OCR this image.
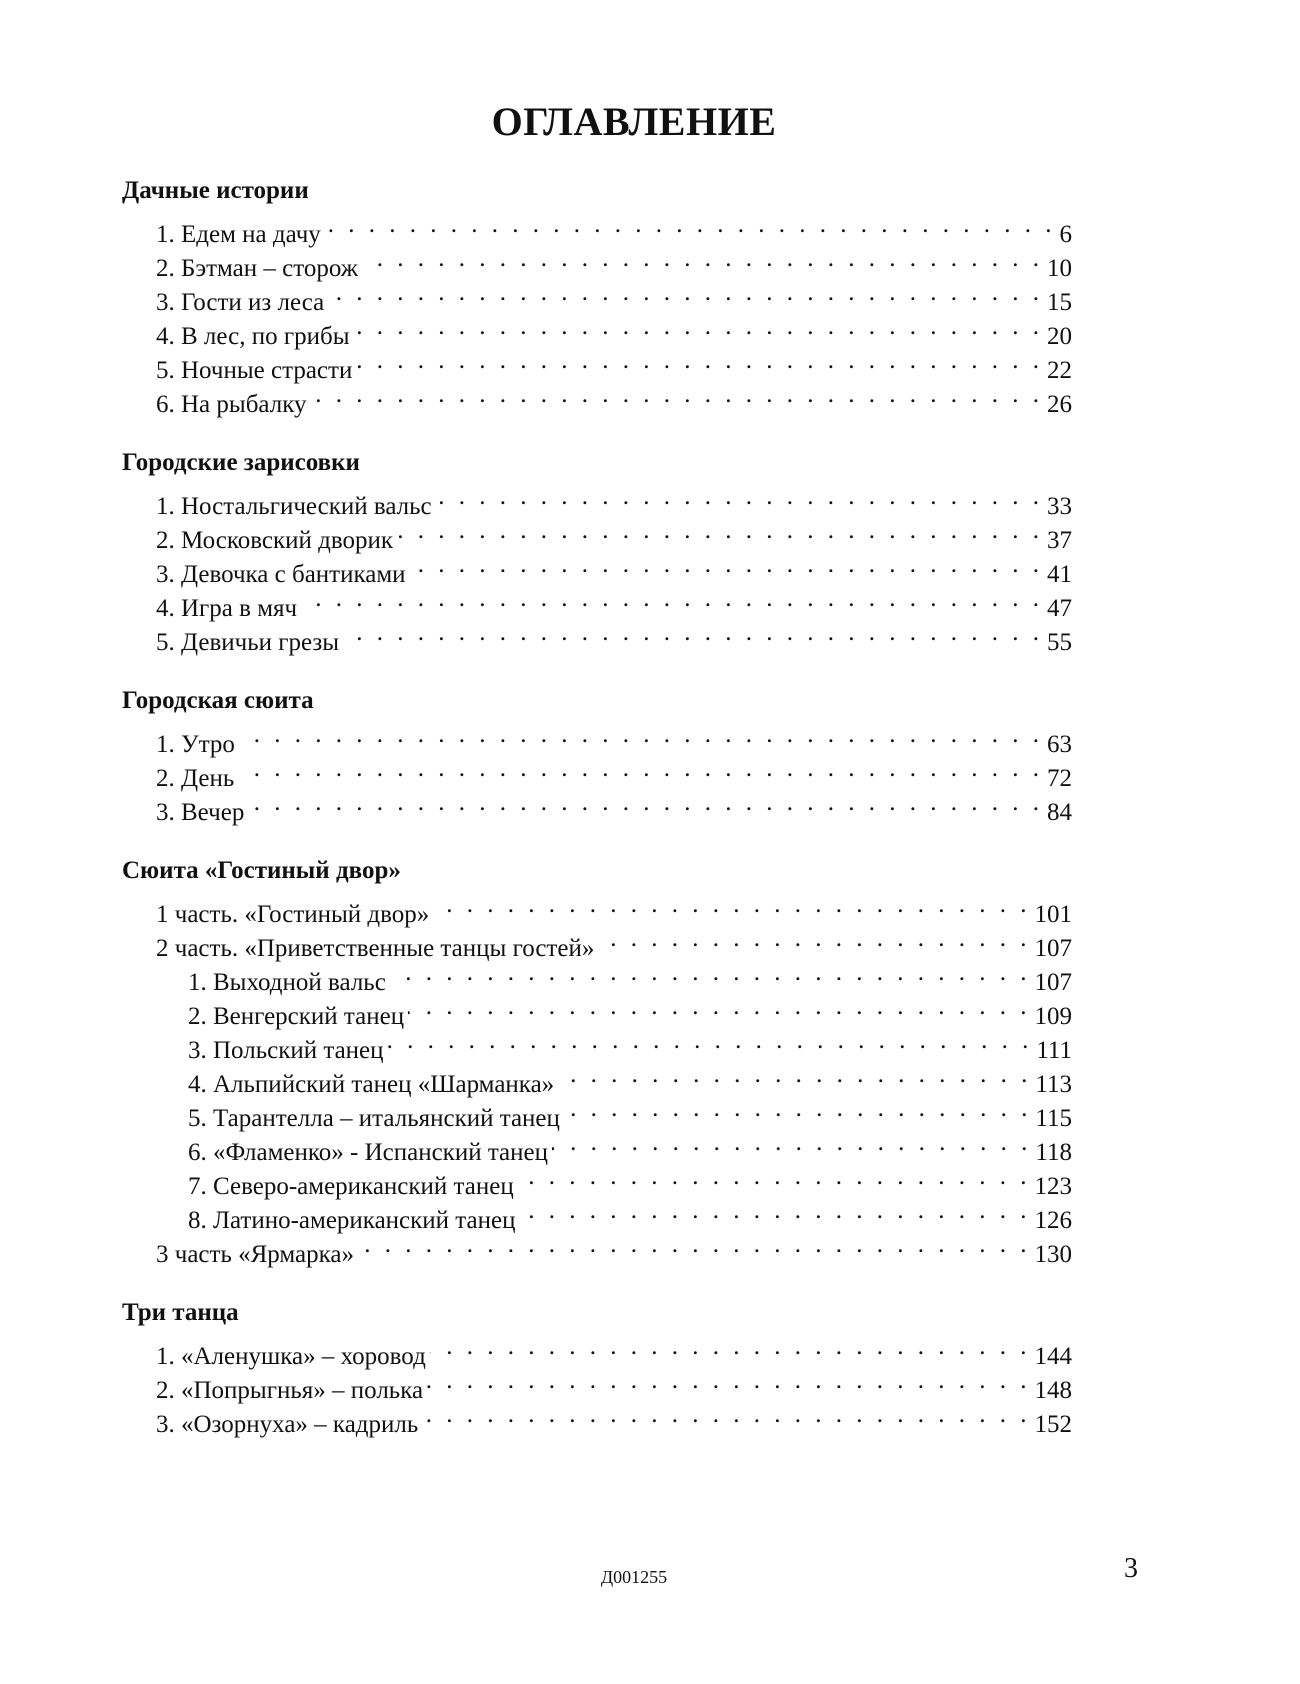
ОГЛАВЛЕНИЕ
Дачные истории
1. Едем на дачу . . .	6
2. Бэтман – сторож . . .	10
3. Гости из леса . . .	15
4. В лес, по грибы . . .	20
5. Ночные страсти . . .	22
6. На рыбалку . . .	26
Городские зарисовки
1. Ностальгический вальс . . .	33
2. Московский дворик . . .	37
3. Девочка с бантиками . . .	41
4. Игра в мяч . . .	47
5. Девичьи грезы . . .	55
Городская сюита
1. Утро . . .	63
2. День . . .	72
3. Вечер . . .	84
Сюита «Гостиный двор»
1 часть. «Гостиный двор» . . .	101
2 часть. «Приветственные танцы гостей» . . .	107
1. Выходной вальс . . .	107
2. Венгерский танец . . .	109
3. Польский танец . . .	111
4. Альпийский танец «Шарманка» . . .	113
5. Тарантелла – итальянский танец . . .	115
6. «Фламенко» - Испанский танец . . .	118
7. Северо-американский танец . . .	123
8. Латино-американский танец . . .	126
3 часть «Ярмарка» . . .	130
Три танца
1. «Аленушка» – хоровод . . .	144
2. «Попрыгнья» – полька . . .	148
3. «Озорнуха» – кадриль . . .	152
Д001255	3
